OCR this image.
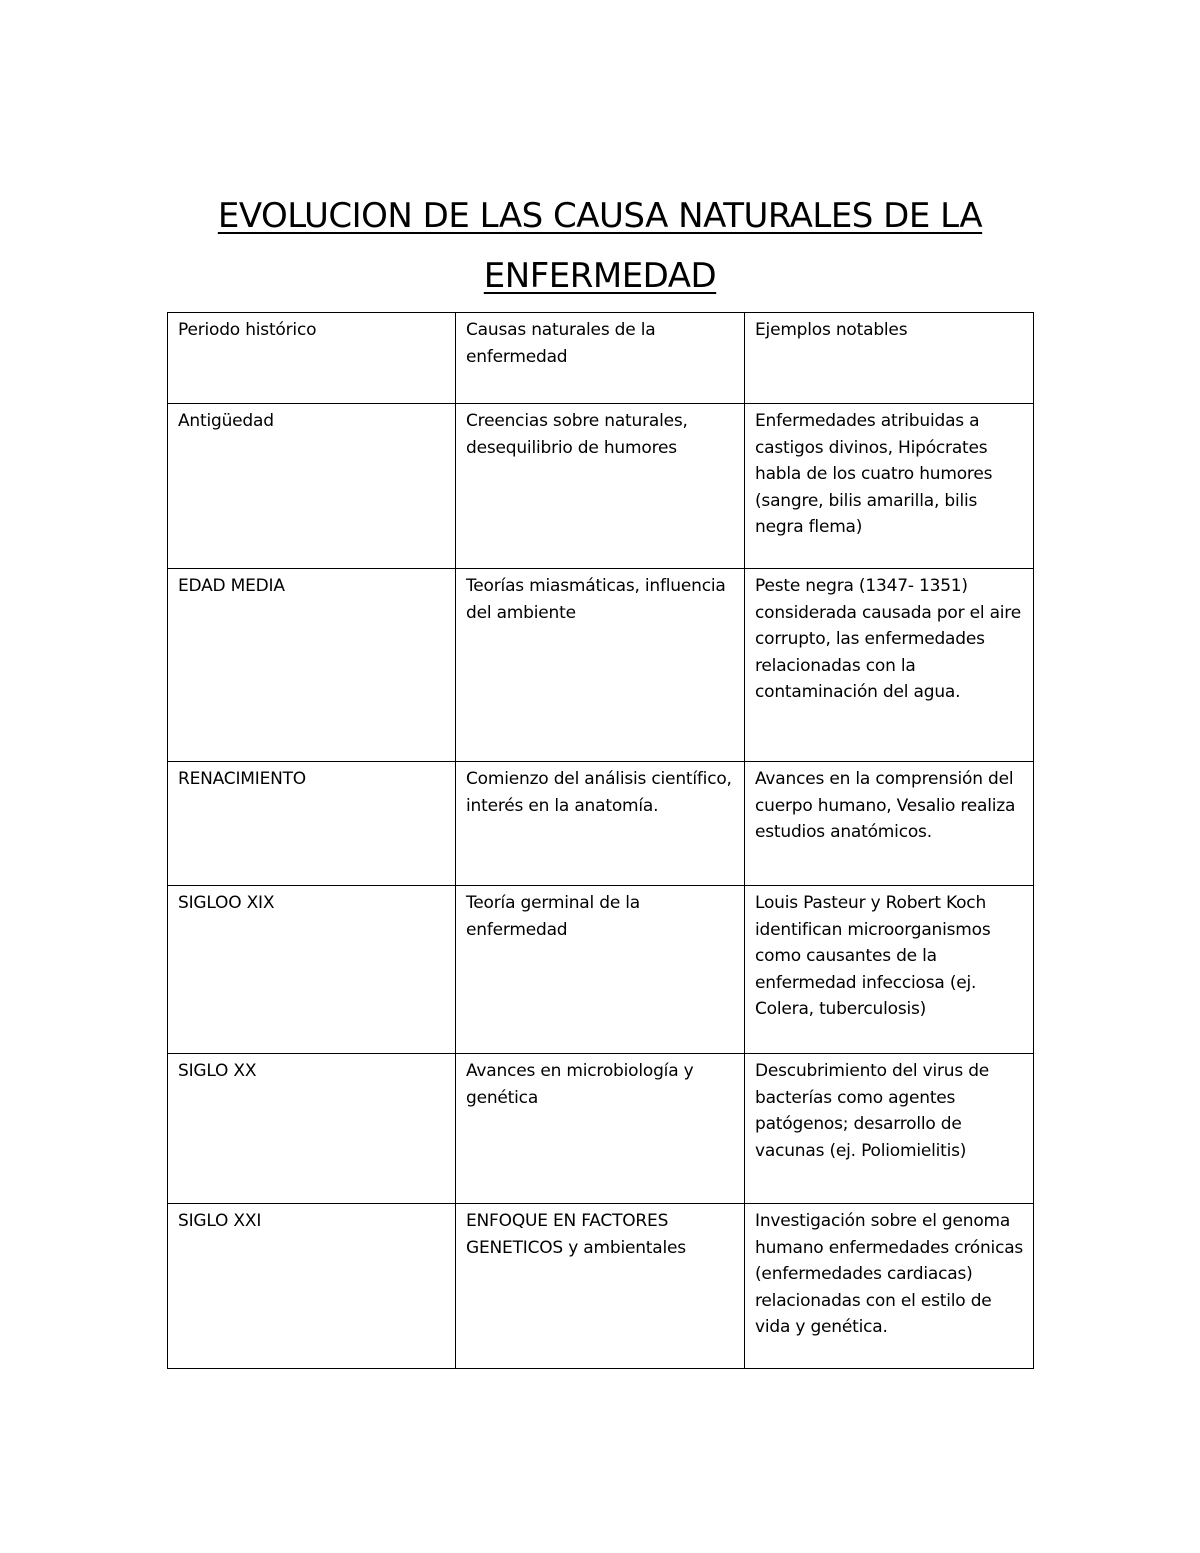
EVOLUCION DE LAS CAUSA NATURALES DE LA
ENFERMEDAD
Periodo histórico	Causas naturales de la enfermedad	Ejemplos notables
Antigüedad	Creencias sobre naturales, desequilibrio de humores	Enfermedades atribuidas a castigos divinos, Hipócrates habla de los cuatro humores (sangre, bilis amarilla, bilis negra flema)
EDAD MEDIA	Teorías miasmáticas, influencia del ambiente	Peste negra (1347- 1351) considerada causada por el aire corrupto, las enfermedades relacionadas con la contaminación del agua.
RENACIMIENTO	Comienzo del análisis científico, interés en la anatomía.	Avances en la comprensión del cuerpo humano, Vesalio realiza estudios anatómicos.
SIGLOO XIX	Teoría germinal de la enfermedad	Louis Pasteur y Robert Koch identifican microorganismos como causantes de la enfermedad infecciosa (ej. Colera, tuberculosis)
SIGLO XX	Avances en microbiología y genética	Descubrimiento del virus de bacterías como agentes patógenos; desarrollo de vacunas (ej. Poliomielitis)
SIGLO XXI	ENFOQUE EN FACTORES GENETICOS y ambientales	Investigación sobre el genoma humano enfermedades crónicas (enfermedades cardiacas) relacionadas con el estilo de vida y genética.
